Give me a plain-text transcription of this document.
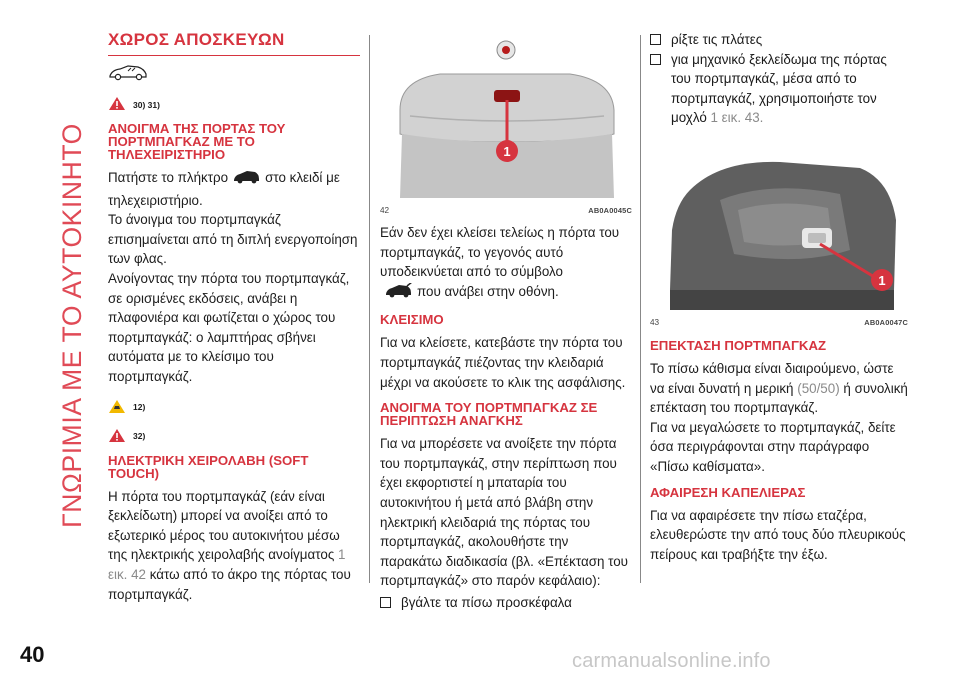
ΓΝΩΡΙΜΙΑ ΜΕ ΤΟ ΑΥΤΟΚΙΝΗΤΟ
ΧΩΡΟΣ ΑΠΟΣΚΕΥΩΝ
30) 31)
ΑΝΟΙΓΜΑ ΤΗΣ ΠΟΡΤΑΣ ΤΟΥ ΠΟΡΤΜΠΑΓΚΑΖ ΜΕ ΤΟ ΤΗΛΕΧΕΙΡΙΣΤΗΡΙΟ

Πατήστε το πλήκτρο	στο κλειδί με τηλεχειριστήριο.

Το άνοιγμα του πορτμπαγκάζ επισημαίνεται από τη διπλή ενεργοποίηση των φλας.

Ανοίγοντας την πόρτα του πορτμπαγκάζ, σε ορισμένες εκδόσεις, ανάβει η πλαφονιέρα και φωτίζεται ο χώρος του πορτμπαγκάζ: ο λαμπτήρας σβήνει αυτόματα με το κλείσιμο του πορτμπαγκάζ.

12)
32)
ΗΛΕΚΤΡΙΚΗ ΧΕΙΡΟΛΑΒΗ (SOFT TOUCH)

Η πόρτα του πορτμπαγκάζ (εάν είναι ξεκλείδωτη) μπορεί να ανοίξει από το εξωτερικό μέρος του αυτοκινήτου μέσω της ηλεκτρικής χειρολαβής ανοίγματος 1 εικ. 42 κάτω από το άκρο της πόρτας του πορτμπαγκάζ.

1
42	AB0A0045C

Εάν δεν έχει κλείσει τελείως η πόρτα του πορτμπαγκάζ, το γεγονός αυτό υποδεικνύεται από το σύμβολο
που ανάβει στην οθόνη.

ΚΛΕΙΣΙΜΟ

Για να κλείσετε, κατεβάστε την πόρτα του πορτμπαγκάζ πιέζοντας την κλειδαριά μέχρι να ακούσετε το κλικ της ασφάλισης.

ΑΝΟΙΓΜΑ ΤΟΥ ΠΟΡΤΜΠΑΓΚΑΖ ΣΕ ΠΕΡΙΠΤΩΣΗ ΑΝΑΓΚΗΣ

Για να μπορέσετε να ανοίξετε την πόρτα του πορτμπαγκάζ, στην περίπτωση που έχει εκφορτιστεί η μπαταρία του αυτοκινήτου ή μετά από βλάβη στην ηλεκτρική κλειδαριά της πόρτας του πορτμπαγκάζ, ακολουθήστε την παρακάτω διαδικασία (βλ. «Επέκταση του πορτμπαγκάζ» στο παρόν κεφάλαιο):

βγάλτε τα πίσω προσκέφαλα
ρίξτε τις πλάτες
για μηχανικό ξεκλείδωμα της πόρτας του πορτμπαγκάζ, μέσα από το πορτμπαγκάζ, χρησιμοποιήστε τον μοχλό 1 εικ. 43.
1
43	AB0A0047C
ΕΠΕΚΤΑΣΗ ΠΟΡΤΜΠΑΓΚΑΖ

Το πίσω κάθισμα είναι διαιρούμενο, ώστε να είναι δυνατή η μερική (50/50) ή συνολική επέκταση του πορτμπαγκάζ.

Για να μεγαλώσετε το πορτμπαγκάζ, δείτε όσα περιγράφονται στην παράγραφο «Πίσω καθίσματα».

ΑΦΑΙΡΕΣΗ ΚΑΠΕΛΙΕΡΑΣ

Για να αφαιρέσετε την πίσω εταζέρα, ελευθερώστε την από τους δύο πλευρικούς πείρους και τραβήξτε την έξω.

40	carmanualsonline.info
